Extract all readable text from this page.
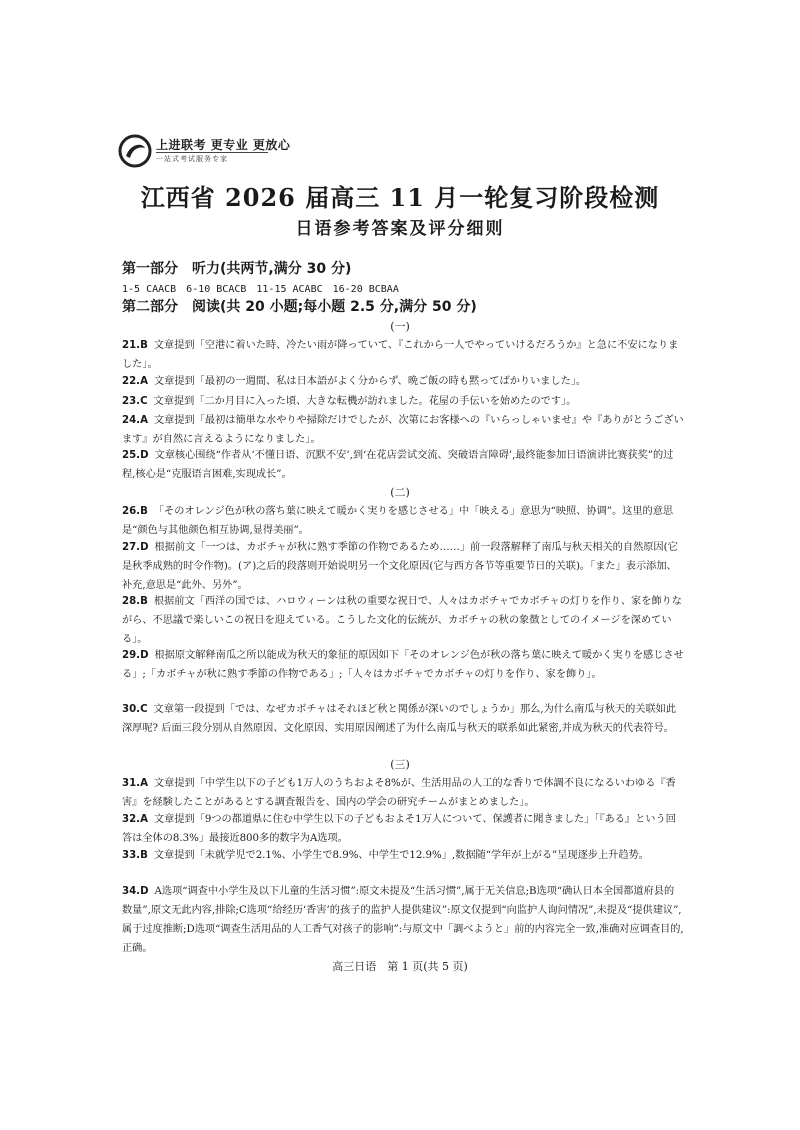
上进联考 更专业 更放心
一站式考试服务专家
江西省 2026 届高三 11 月一轮复习阶段检测
日语参考答案及评分细则
第一部分　听力(共两节,满分 30 分)
1-5 CAACB　6-10 BCACB　11-15 ACABC　16-20 BCBAA
第二部分　阅读(共 20 小题;每小题 2.5 分,满分 50 分)
(一)
21.B 文章提到「空港に着いた時、冷たい雨が降っていて、『これから一人でやっていけるだろうか』と急に不安になりました」。
22.A 文章提到「最初の一週間、私は日本語がよく分からず、晩ご飯の時も黙ってばかりいました」。
23.C 文章提到「二か月目に入った頃、大きな転機が訪れました。花屋の手伝いを始めたのです」。
24.A 文章提到「最初は簡単な水やりや掃除だけでしたが、次第にお客様への『いらっしゃいませ』や『ありがとうございます』が自然に言えるようになりました」。
25.D 文章核心围绕“作者从‘不懂日语、沉默不安’,到‘在花店尝试交流、突破语言障碍’,最终能参加日语演讲比赛获奖”的过程,核心是“克服语言困难,实现成长”。
(二)
26.B 「そのオレンジ色が秋の落ち葉に映えて暖かく実りを感じさせる」中「映える」意思为“映照、协调”。这里的意思是“颜色与其他颜色相互协调,显得美丽”。
27.D 根据前文「一つは、カボチャが秋に熟す季節の作物であるため……」前一段落解释了南瓜与秋天相关的自然原因(它是秋季成熟的时令作物)。(ア)之后的段落则开始说明另一个文化原因(它与西方各节等重要节日的关联)。「また」表示添加、补充,意思是“此外、另外”。
28.B 根据前文「西洋の国では、ハロウィーンは秋の重要な祝日で、人々はカボチャでカボチャの灯りを作り、家を飾りながら、不思議で楽しいこの祝日を迎えている。こうした文化的伝統が、カボチャの秋の象徴としてのイメージを深めている」。
29.D 根据原文解释南瓜之所以能成为秋天的象征的原因如下「そのオレンジ色が秋の落ち葉に映えて暖かく実りを感じさせる」;「カボチャが秋に熟す季節の作物である」;「人々はカボチャでカボチャの灯りを作り、家を飾り」。
30.C 文章第一段提到「では、なぜカボチャはそれほど秋と関係が深いのでしょうか」那么,为什么南瓜与秋天的关联如此深厚呢? 后面三段分别从自然原因、文化原因、实用原因阐述了为什么南瓜与秋天的联系如此紧密,并成为秋天的代表符号。
(三)
31.A 文章提到「中学生以下の子ども1万人のうちおよそ8%が、生活用品の人工的な香りで体調不良になるいわゆる『香害』を経験したことがあるとする調査報告を、国内の学会の研究チームがまとめました」。
32.A 文章提到「9つの都道県に住む中学生以下の子どもおよそ1万人について、保護者に聞きました」「『ある』という回答は全体の8.3%」最接近800多的数字为A选项。
33.B 文章提到「未就学児で2.1%、小学生で8.9%、中学生で12.9%」,数据随“学年が上がる”呈现逐步上升趋势。
34.D A选项“调查中小学生及以下儿童的生活习惯”:原文未提及“生活习惯”,属于无关信息;B选项“确认日本全国都道府县的数量”,原文无此内容,排除;C选项“给经历‘香害’的孩子的监护人提供建议”:原文仅提到“向监护人询问情况”,未提及“提供建议”,属于过度推断;D选项“调查生活用品的人工香气对孩子的影响”:与原文中「調べようと」前的内容完全一致,准确对应调查目的,正确。
高三日语　第 1 页(共 5 页)
